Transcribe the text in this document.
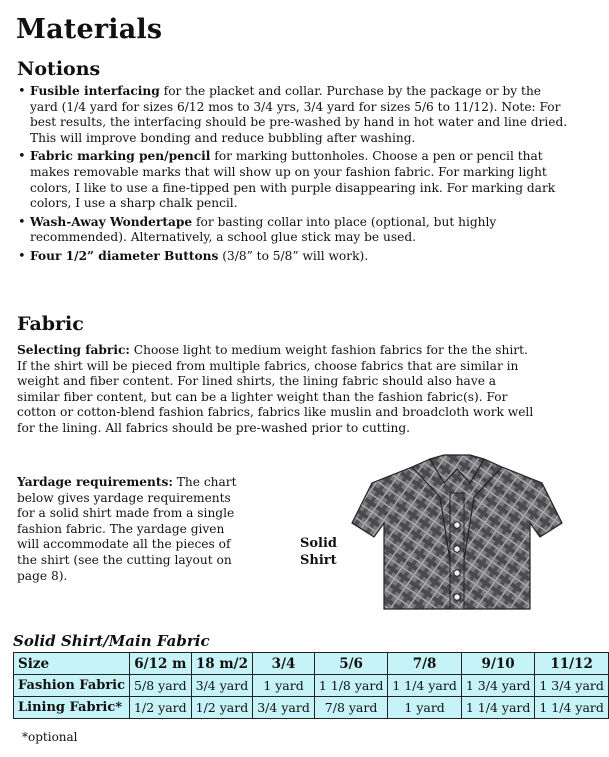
Materials
Notions
• Fusible interfacing for the placket and collar. Purchase by the package or by the yard (1/4 yard for sizes 6/12 mos to 3/4 yrs, 3/4 yard for sizes 5/6 to 11/12). Note: For best results, the interfacing should be pre-washed by hand in hot water and line dried. This will improve bonding and reduce bubbling after washing.
• Fabric marking pen/pencil for marking buttonholes. Choose a pen or pencil that makes removable marks that will show up on your fashion fabric. For marking light colors, I like to use a fine-tipped pen with purple disappearing ink. For marking dark colors, I use a sharp chalk pencil.
• Wash-Away Wondertape for basting collar into place (optional, but highly recommended). Alternatively, a school glue stick may be used.
• Four 1/2” diameter Buttons (3/8” to 5/8” will work).
Fabric
Selecting fabric: Choose light to medium weight fashion fabrics for the the shirt. If the shirt will be pieced from multiple fabrics, choose fabrics that are similar in weight and fiber content. For lined shirts, the lining fabric should also have a similar fiber content, but can be a lighter weight than the fashion fabric(s). For cotton or cotton-blend fashion fabrics, fabrics like muslin and broadcloth work well for the lining. All fabrics should be pre-washed prior to cutting.
Yardage requirements: The chart below gives yardage requirements for a solid shirt made from a single fashion fabric. The yardage given will accommodate all the pieces of the shirt (see the cutting layout on page 8).
Solid
Shirt
Solid Shirt/Main Fabric
Size	6/12 m	18 m/2	3/4	5/6	7/8	9/10	11/12
Fashion Fabric	5/8 yard	3/4 yard	1 yard	1 1/8 yard	1 1/4 yard	1 3/4 yard	1 3/4 yard
Lining Fabric*	1/2 yard	1/2 yard	3/4 yard	7/8 yard	1 yard	1 1/4 yard	1 1/4 yard
*optional
